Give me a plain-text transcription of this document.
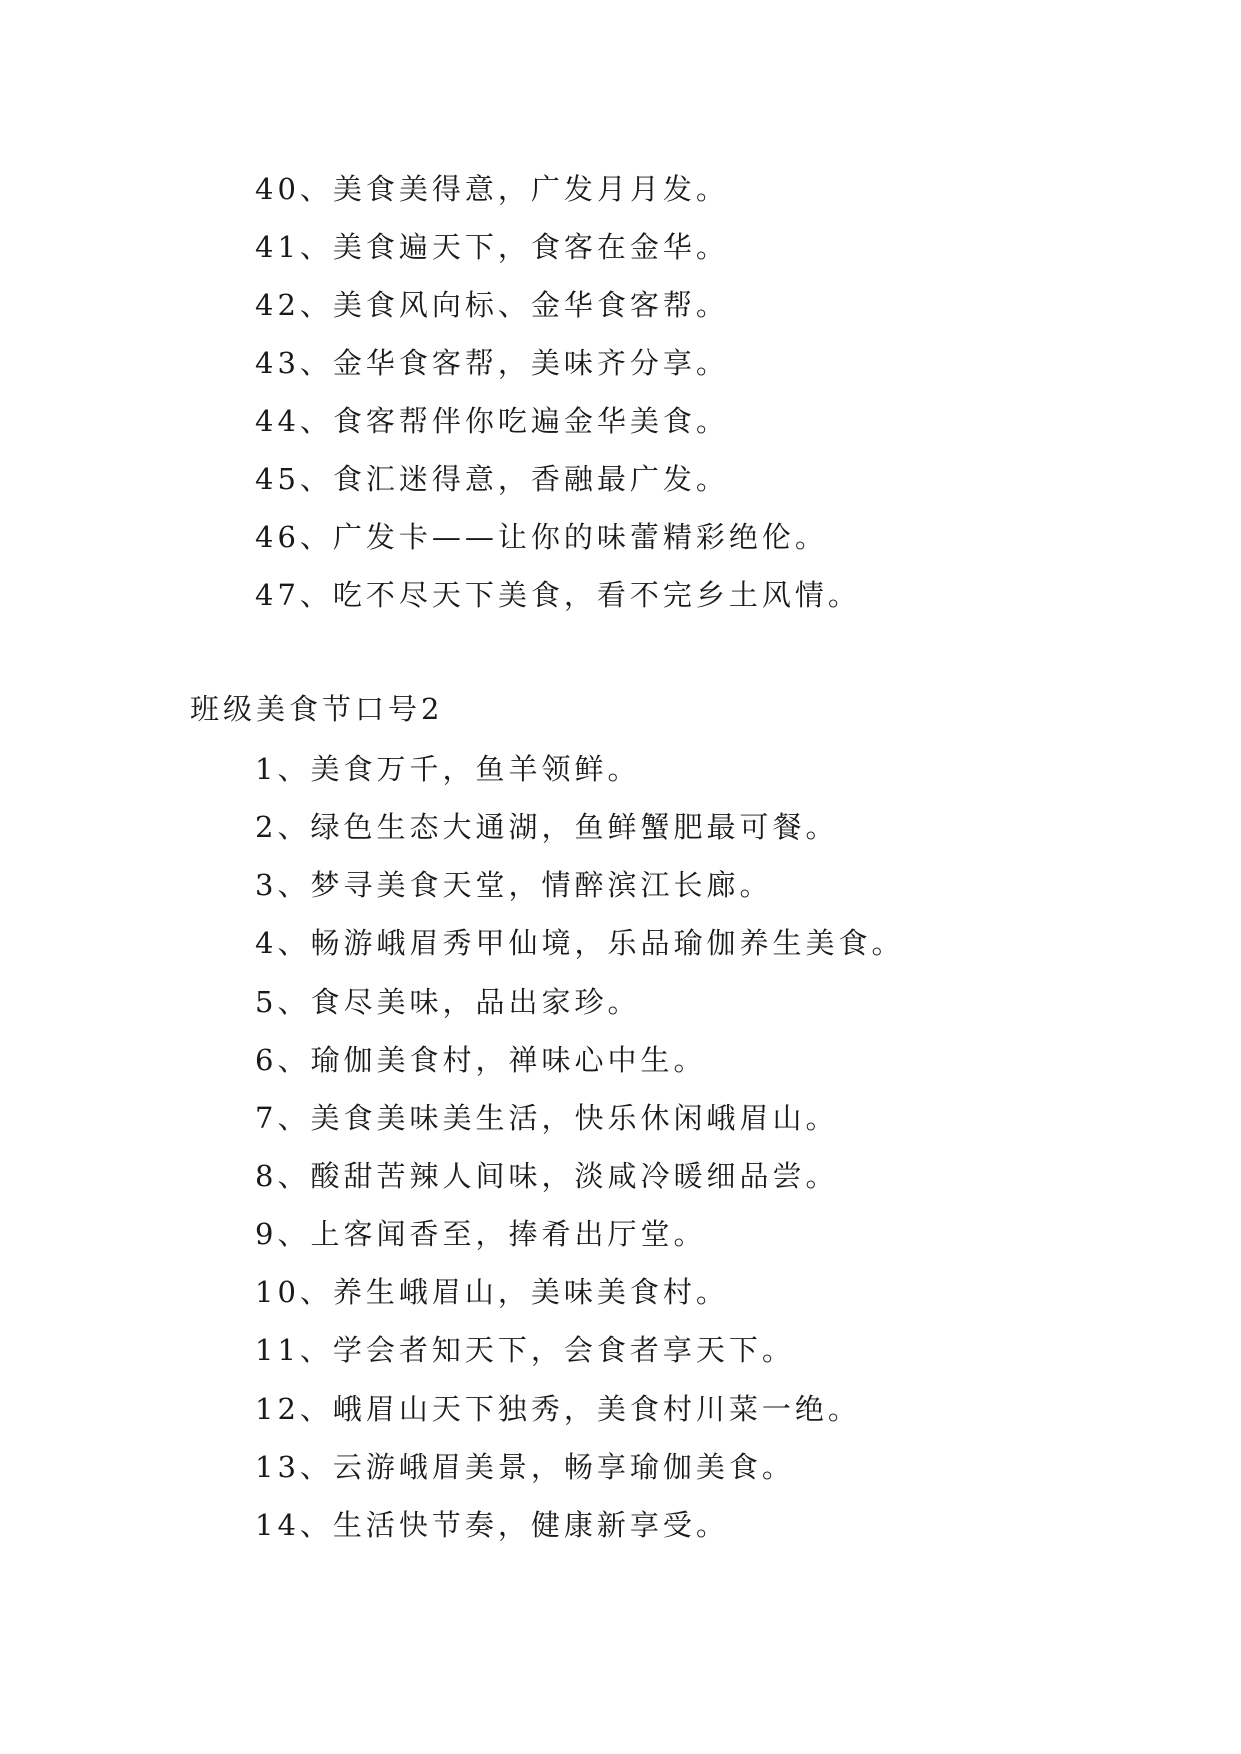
40、美食美得意，广发月月发。
41、美食遍天下，食客在金华。
42、美食风向标、金华食客帮。
43、金华食客帮，美味齐分享。
44、食客帮伴你吃遍金华美食。
45、食汇迷得意，香融最广发。
46、广发卡——让你的味蕾精彩绝伦。
47、吃不尽天下美食，看不完乡土风情。
班级美食节口号2
1、美食万千，鱼羊领鲜。
2、绿色生态大通湖，鱼鲜蟹肥最可餐。
3、梦寻美食天堂，情醉滨江长廊。
4、畅游峨眉秀甲仙境，乐品瑜伽养生美食。
5、食尽美味，品出家珍。
6、瑜伽美食村，禅味心中生。
7、美食美味美生活，快乐休闲峨眉山。
8、酸甜苦辣人间味，淡咸冷暖细品尝。
9、上客闻香至，捧肴出厅堂。
10、养生峨眉山，美味美食村。
11、学会者知天下，会食者享天下。
12、峨眉山天下独秀，美食村川菜一绝。
13、云游峨眉美景，畅享瑜伽美食。
14、生活快节奏，健康新享受。
